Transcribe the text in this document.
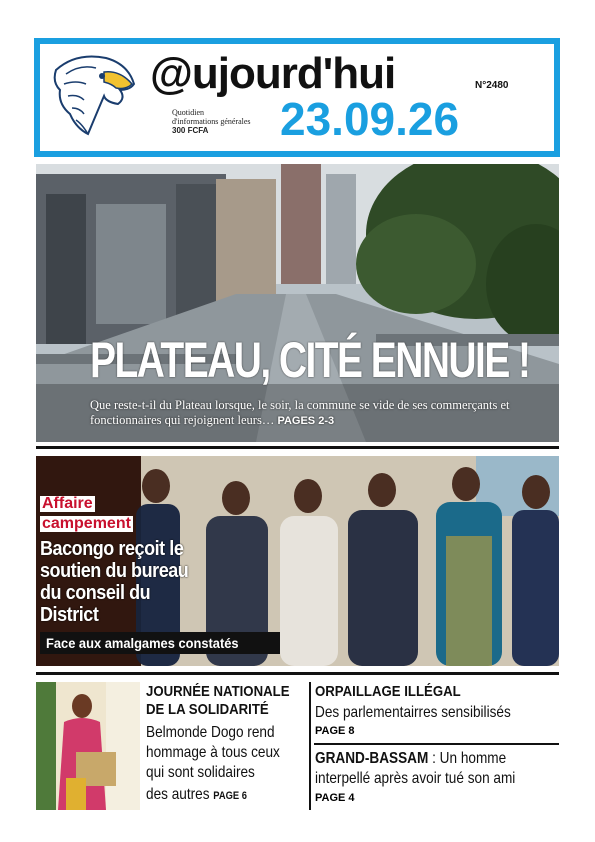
@ujourd'hui	N°2480
Quotidien
d'informations générales
300 FCFA	23.09.26
PLATEAU, CITÉ ENNUIE !
Que reste-t-il du Plateau lorsque, le soir, la commune se vide de ses commerçants et fonctionnaires qui rejoignent leurs… PAGES 2-3
Affaire
campement
Bacongo reçoit le soutien du bureau du conseil du District
Face aux amalgames constatés
JOURNÉE NATIONALE
DE LA SOLIDARITÉ
Belmonde Dogo rend
hommage à tous ceux
qui sont solidaires
des autres PAGE 6
ORPAILLAGE ILLÉGAL
Des parlementairres sensibilisés
PAGE 8
GRAND-BASSAM : Un homme
interpellé après avoir tué son ami
PAGE 4
